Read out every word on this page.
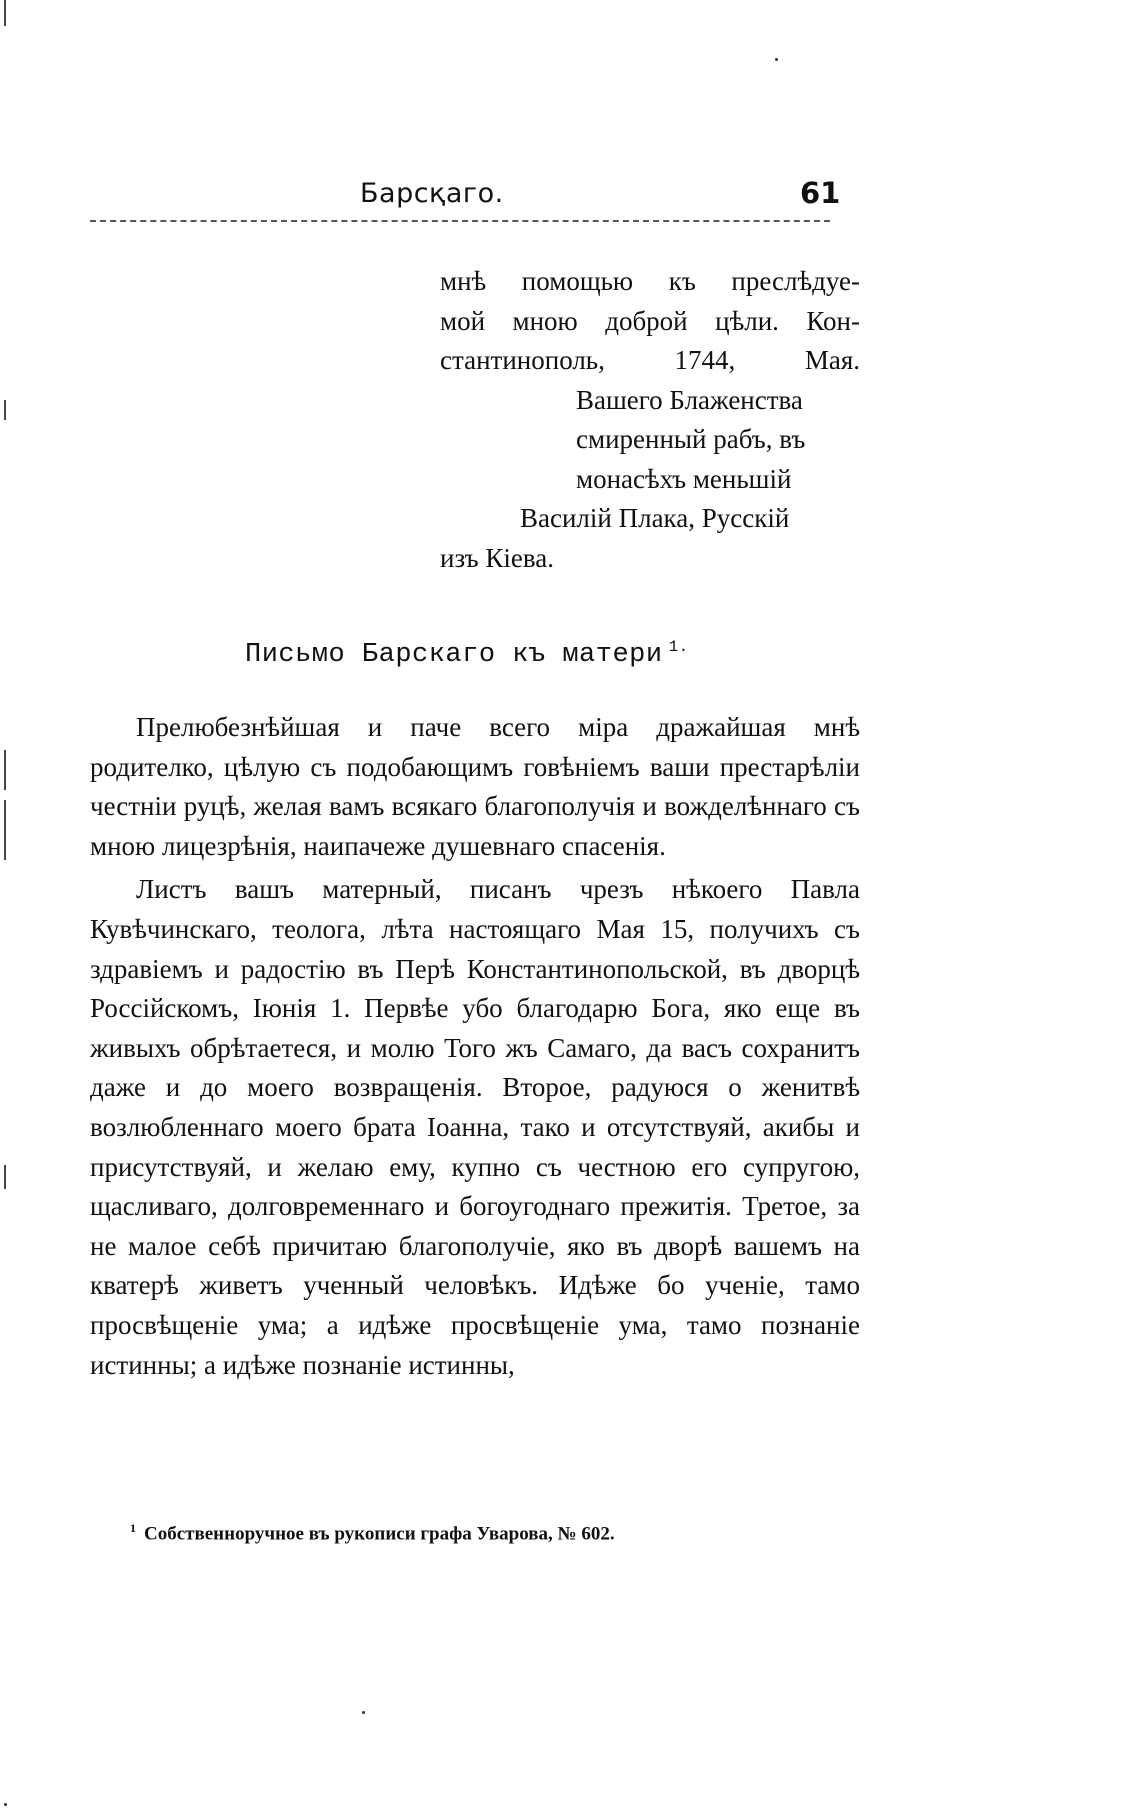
Барсқаго.	61
мнѣ помощью къ преслѣдуе-
мой мною доброй цѣли. Кон-
стантинополь, 1744, Мая.
Вашего Блаженства
смиренный рабъ, въ
монасѣхъ меньшій
Василій Плака, Русскій
изъ Кіева.
Письмо Барскаго къ матери $^{1.}$

Прелюбезнѣйшая и паче всего міра дражайшая мнѣ родителко, цѣлую съ подобающимъ говѣніемъ ваши престарѣліи честніи руцѣ, желая вамъ всякаго благополучія и вожделѣннаго съ мною лицезрѣнія, наипачеже душевнаго спасенія.

Листъ вашъ матерный, писанъ чрезъ нѣкоего Павла Кувѣчинскаго, теолога, лѣта настоящаго Мая 15, получихъ съ здравіемъ и радостію въ Перѣ Константинопольской, въ дворцѣ Россійскомъ, Іюнія 1. Первѣе убо благодарю Бога, яко еще въ живыхъ обрѣтаетеся, и молю Того жъ Самаго, да васъ сохранитъ даже и до моего возвращенія. Второе, радуюся о женитвѣ возлюбленнаго моего брата Іоанна, тако и отсутствуяй, акибы и присутствуяй, и желаю ему, купно съ честною его супругою, щасливаго, долговременнаго и богоугоднаго прежитія. Третое, за не малое себѣ причитаю благополучіе, яко въ дворѣ вашемъ на кватерѣ живетъ ученный человѣкъ. Идѣже бо ученіе, тамо просвѣщеніе ума; а идѣже просвѣщеніе ума, тамо познаніе истинны; а идѣже познаніе истинны,

$^1$ Собственноручное въ рукописи графа Уварова, № 602.
